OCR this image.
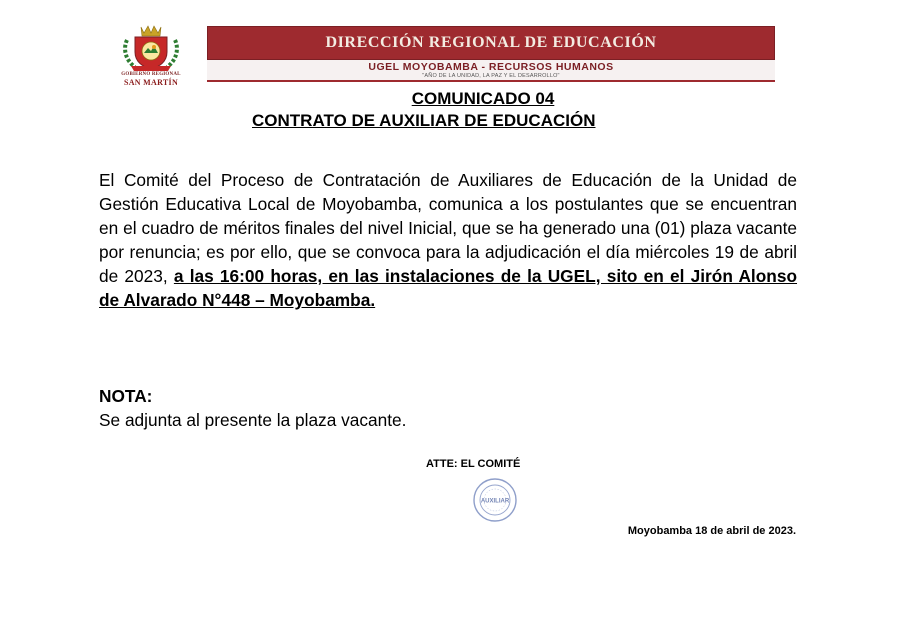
GOBIERNO REGIONAL
SAN MARTÍN
DIRECCIÓN REGIONAL DE EDUCACIÓN
UGEL MOYOBAMBA - RECURSOS HUMANOS
"AÑO DE LA UNIDAD, LA PAZ Y EL DESARROLLO"
COMUNICADO 04
CONTRATO DE AUXILIAR DE EDUCACIÓN

El Comité del Proceso de Contratación de Auxiliares de Educación de la Unidad de Gestión Educativa Local de Moyobamba, comunica a los postulantes que se encuentran en el cuadro de méritos finales del nivel Inicial, que se ha generado una (01) plaza vacante por renuncia; es por ello, que se convoca para la adjudicación el día miércoles 19 de abril de 2023, a las 16:00 horas, en las instalaciones de la UGEL, sito en el Jirón Alonso de Alvarado N°448 – Moyobamba.

NOTA:
Se adjunta al presente la plaza vacante.
ATTE: EL COMITÉ
AUXILIAR
Moyobamba 18 de abril de 2023.
